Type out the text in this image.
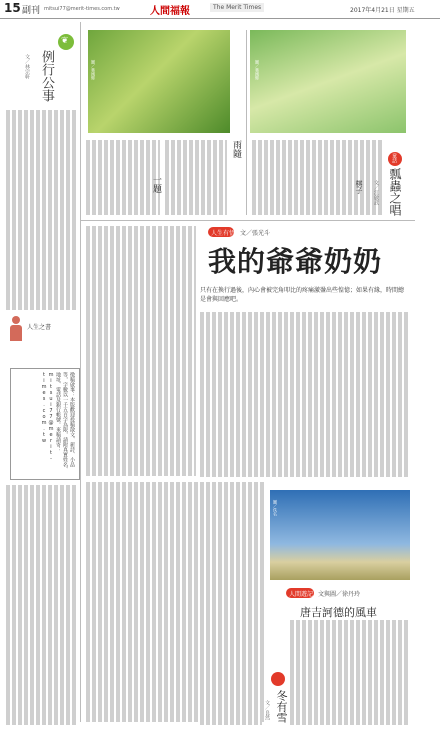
15 副刊 mitsui77@merit-times.com.tw	人間福報	The Merit Times	2017年4月21日 星期五
❦
例行公事
文／林宗軒
人生之書
徵稿啟事：本版歡迎投稿散文、新詩、小品等，字數以一千五百字為限，請附真實姓名、地址、電話及銀行帳號。來稿請寄：mitsui77@merit-times.com.tw
圖／葉國輝	圖／葉國輝
雨隨
一題
童話
瓢蟲之唱
文／江啟武
棋子
人生有悟 文／張光斗
我的爺爺奶奶
只有在換行過後，內心會被完角叩比的疼痛激盪出些惶憶；如果有緣，時間總是會與回應吧。
圖／佚名
人間遊記 文與圖／徐丹玲
唐吉訶德的風車
冬有雪
文／良然
